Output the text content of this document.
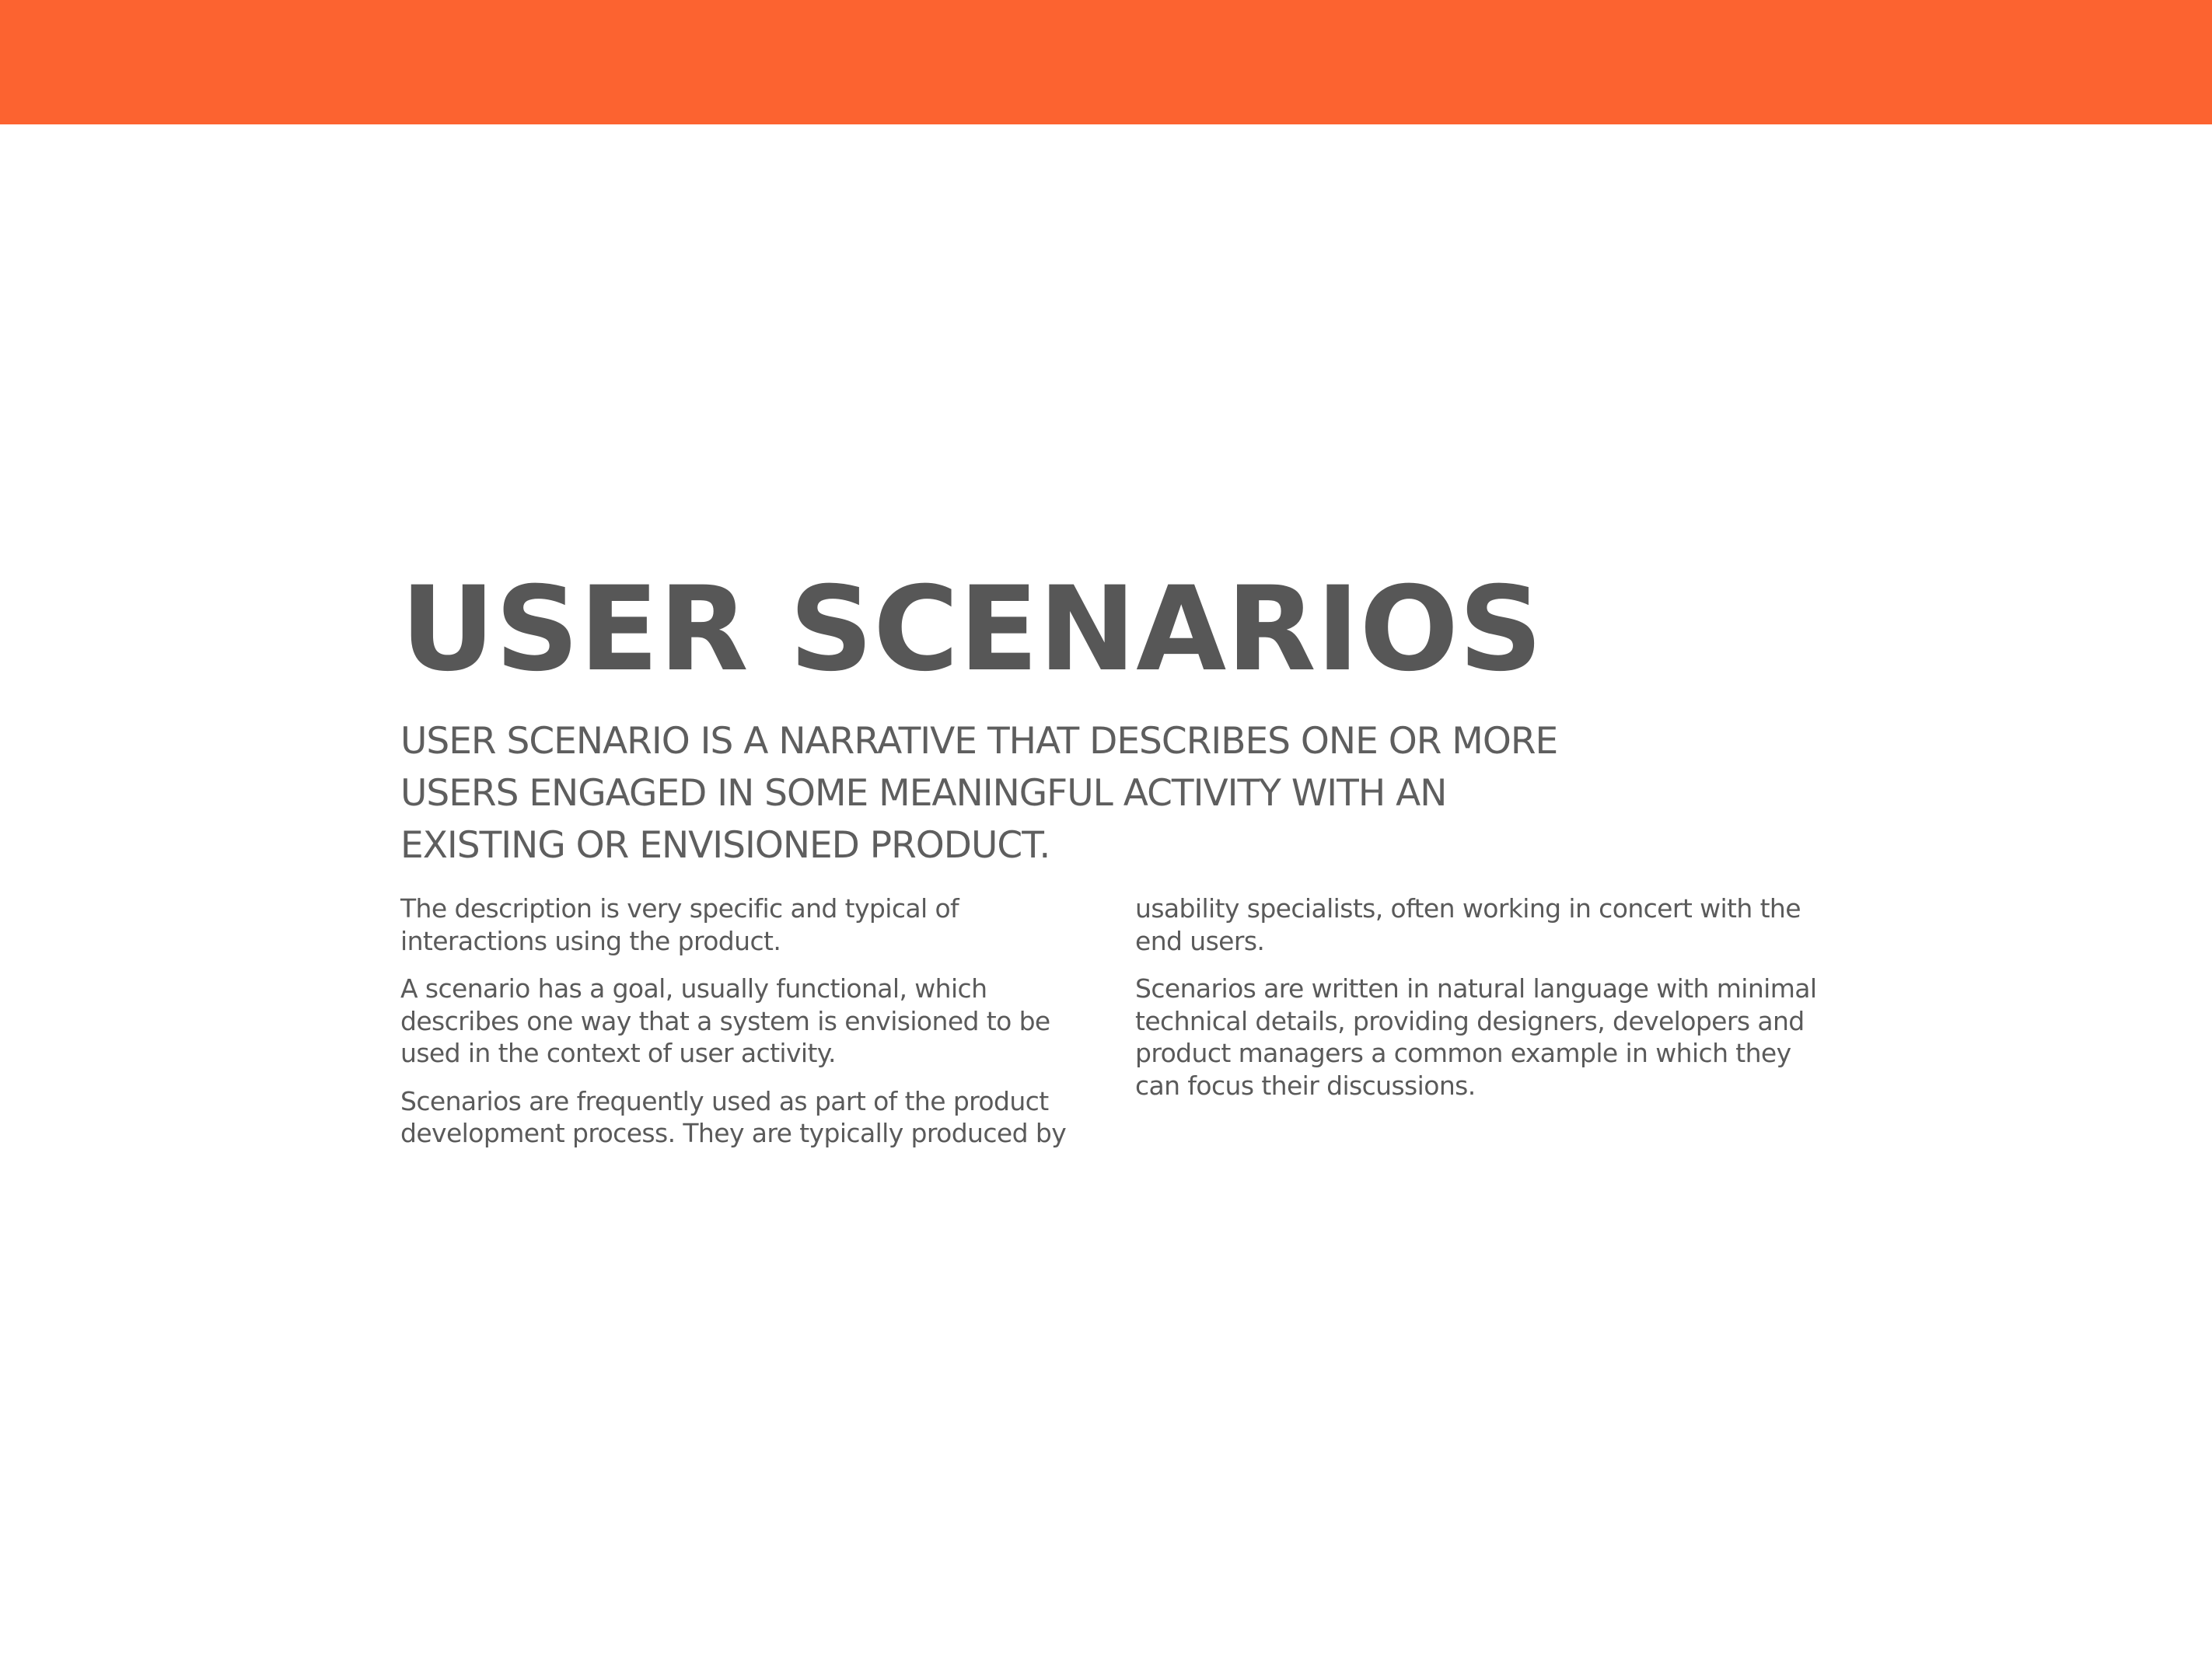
USER SCENARIOS
USER SCENARIO IS A NARRATIVE THAT DESCRIBES ONE OR MORE USERS ENGAGED IN SOME MEANINGFUL ACTIVITY WITH AN EXISTING OR ENVISIONED PRODUCT.

The description is very specific and typical of interactions using the product.

A scenario has a goal, usually functional, which describes one way that a system is envisioned to be used in the context of user activity.

Scenarios are frequently used as part of the product development process. They are typically produced by usability specialists, often working in concert with the end users.

Scenarios are written in natural language with minimal technical details, providing designers, developers and product managers a common example in which they can focus their discussions.
